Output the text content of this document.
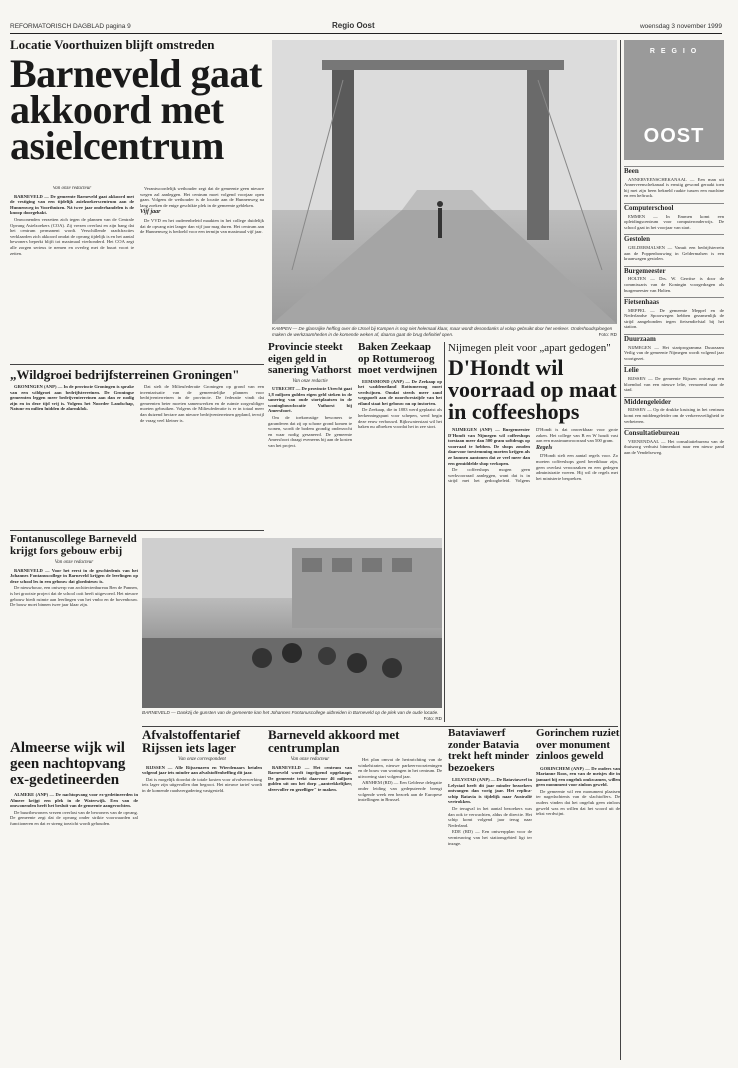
REFORMATORISCH DAGBLAD pagina 9	Regio Oost	woensdag 3 november 1999
Locatie Voorthuizen blijft omstreden
Barneveld gaat akkoord met asielcentrum
Van onze redacteur

BARNEVELD — De gemeente Barneveld gaat akkoord met de vestiging van een tijdelijk asielzoekerscentrum aan de Hunnenweg in Voorthuizen. Ná twee jaar onderhandelen is de knoop doorgehakt.

Omwonenden verzetten zich tegen de plannen van de Centrale Opvang Asielzoekers (COA). Zij vrezen overlast en zijn bang dat het centrum permanent wordt. Verschillende raadsfracties verklaarden zich akkoord omdat de opvang tijdelijk is en het aantal bewoners beperkt blijft tot maximaal vierhonderd. Het COA zegt alle zorgen serieus te nemen en overleg met de buurt voort te zetten.

Verantwoordelijk wethouder zegt dat de gemeente geen nieuwe wegen zal aanleggen. Het centrum moet volgend voorjaar open gaan. Volgens de wethouder is de locatie aan de Hunnenweg na lang zoeken de enige geschikte plek in de gemeente gebleken.

Vijf jaar

De VVD en het ouderenbeleid maakten in het college duidelijk dat de opvang niet langer dan vijf jaar mag duren. Het centrum aan de Hunnenweg is bedoeld voor een termijn van maximaal vijf jaar.

KAMPEN — De glansrijke heffing over de IJssel bij Kampen is nog niet helemaal klaar, maar wordt desondanks al volop gebruikt door het verkeer. Onderhoudsploegen maken de werkzaamheden in de komende weken af, daarna gaat de brug definitief open.	Foto: RD
R E G I O
OOST
Been

ANNERVEENSCHEKANAAL — Een man uit Annerveenschekanaal is ernstig gewond geraakt toen hij met zijn been bekneld raakte tussen een machine en een heftruck.

Computerschool

EMMEN — In Emmen komt een opleidingscentrum voor computeronderwijs. De school gaat in het voorjaar van start.

Gestolen

GELDERMALSEN — Vanuit een bedrijfsterrein aan de Poppenbouwing in Geldermalsen is een kraanwagen gestolen.

Burgemeester

HOLTEN — Drs. W. Gerritse is door de commissaris van de Koningin voorgedragen als burgemeester van Holten.

Fietsenhaas

MEPPEL — De gemeente Meppel en de Nederlandse Spoorwegen hebben gezamenlijk de strijd aangebonden tegen fietsendiefstal bij het station.

Duurzaam

NIJMEGEN — Het startprogramma Duurzaam Veilig van de gemeente Nijmegen wordt volgend jaar voortgezet.

Lelie

RIJSSEN — De gemeente Rijssen ontvangt een bloembol van een nieuwe lelie, vernoemd naar de stad.

Middengeleider

RIJSSEN — Op de drukke kruising in het centrum komt een middengeleider om de verkeersveiligheid te verbeteren.

Consultatiebureau

VEENENDAAL — Het consultatiebureau van de thuiszorg verhuist binnenkort naar een nieuw pand aan de Vendelseweg.

„Wildgroei bedrijfsterreinen Groningen"

GRONINGEN (ANP) — In de provincie Groningen is sprake van een wildgroei aan bedrijfsterreinen. De Groningse gemeenten leggen meer bedrijventerreinen aan dan er nodig zijn en in deze tijd vrij is. Volgens het Noorder Landschap, Natuur en milieu luidden de alarmklok.

Dat stelt de Milieufederatie Groningen op grond van een inventarisatie van de gemeentelijke plannen voor bedrijventerreinen in de provincie. De federatie vindt dat gemeenten beter moeten samenwerken en de ruimte zorgvuldiger moeten gebruiken. Volgens de Milieufederatie is er in totaal meer dan duizend hectare aan nieuwe bedrijventerreinen gepland, terwijl de vraag veel kleiner is.

Provincie steekt eigen geld in sanering Vathorst
Van onze redactie

UTRECHT — De provincie Utrecht gaat 1,8 miljoen gulden eigen geld steken in de sanering van oude stortplaatsen in de woningbouwlocatie Vathorst bij Amersfoort.

Om de toekomstige bewoners te garanderen dat zij op schone grond komen te wonen, wordt de bodem grondig onderzocht en waar nodig gesaneerd. De gemeente Amersfoort draagt eveneens bij aan de kosten van het project.

Baken Zeekaap op Rottumeroog moet verdwijnen

EEMSMOND (ANP) — De Zeekaap op het waddeneiland Rottumeroog moet verdwijnen. Omdat steeds meer zand wegspoelt aan de noordwestzijde van het eiland staat het gebouw nu op instorten.

De Zeekaap, die in 1883 werd geplaatst als herkenningspunt voor schepen, werd begin deze eeuw verbouwd. Rijkswaterstaat wil het baken nu afbreken voordat het in zee stort.

Nijmegen pleit voor „apart gedogen"
D'Hondt wil voorraad op maat in coffeeshops

NIJMEGEN (ANP) — Burgemeester D'Hondt van Nijmegen wil coffeeshops toestaan meer dan 500 gram softdrugs op voorraad te hebben. De shops zouden daarvoor toestemming moeten krijgen als ze kunnen aantonen dat ze veel meer dan een gemiddelde shop verkopen.

De coffeeshops mogen geen werkvoorraad aanleggen, want dat is in strijd met het gedoogbeleid. Volgens D'Hondt is dat onwerkbaar voor grote zaken. Het college van B en W houdt vast aan een maximumvoorraad van 500 gram.

Regels

D'Hondt stelt een aantal regels voor. Zo moeten coffeeshops goed bereikbaar zijn, geen overlast veroorzaken en een gedegen administratie voeren. Hij wil de regels met het ministerie bespreken.

Fontanuscollege Barneveld krijgt fors gebouw erbij
Van onze redacteur

BARNEVELD — Voor het eerst in de geschiedenis van het Johannes Fontanuscollege in Barneveld krijgen de leerlingen op deze school les in een gebouw dat gloednieuw is.

De nieuwbouw, een ontwerp van architectenbureau Ben de Pannen, is het grootste project dat de school ooit heeft uitgevoerd. Het nieuwe gebouw biedt ruimte aan leerlingen van het vmbo en de bovenbouw. De bouw moet binnen twee jaar klaar zijn.

BARNEVELD — Dankzij de gunsten van de gemeente kan het Johannes Fontanuscollege uitbreiden in Barneveld op de plek van de oude locatie.
Foto: RD
Almeerse wijk wil geen nachtopvang ex-gedetineerden

ALMERE (ANP) — De nachtopvang voor ex-gedetineerden in Almere krijgt een plek in de Waterwijk. Een van de omwonenden heeft het besluit van de gemeente aangevochten.

De buurtbewoners vrezen overlast van de bewoners van de opvang. De gemeente zegt dat de opvang onder strikte voorwaarden zal functioneren en dat er streng toezicht wordt gehouden.

Afvalstoffentarief Rijssen iets lager
Van onze correspondent

RIJSSEN — Alle Rijssenaren en Wierdenaars betalen volgend jaar iets minder aan afvalstoffenheffing dit jaar.

Dat is mogelijk doordat de totale kosten voor afvalverwerking iets lager zijn uitgevallen dan begroot. Het nieuwe tarief wordt in de komende raadsvergadering vastgesteld.

Barneveld akkoord met centrumplan
Van onze redacteur

BARNEVELD — Het centrum van Barneveld wordt ingrijpend opgeknapt. De gemeente trekt daarvoor 46 miljoen gulden uit om het dorp „aantrekkelijker, sfeervoller en gezelliger" te maken.

Het plan omvat de herinrichting van de winkelstraten, nieuwe parkeervoorzieningen en de bouw van woningen in het centrum. De uitvoering start volgend jaar.

ARNHEM (RD) — Een Gelderse delegatie onder leiding van gedeputeerde brengt volgende week een bezoek aan de Europese instellingen in Brussel.

Bataviawerf zonder Batavia trekt heft minder bezoekers

LELYSTAD (ANP) — De Bataviawerf in Lelystad heeft dit jaar minder bezoekers ontvangen dan vorig jaar. Het replica-schip Batavia is tijdelijk naar Australië vertrokken.

De terugval in het aantal bezoekers was dan ook te verwachten, aldus de directie. Het schip komt volgend jaar terug naar Nederland.

EDE (RD) — Een ontwerpplan voor de vernieuwing van het stationsgebied ligt ter inzage.

Gorinchem ruziet over monument zinloos geweld

GORINCHEM (ANP) — De ouders van Marianne Roos, een van de meisjes die in januari bij een ongeluk omkwamen, willen geen monument voor zinloos geweld.

De gemeente wil een monument plaatsen ter nagedachtenis van de slachtoffers. De ouders vinden dat het ongeluk geen zinloos geweld was en willen dat het woord uit de tekst verdwijnt.
